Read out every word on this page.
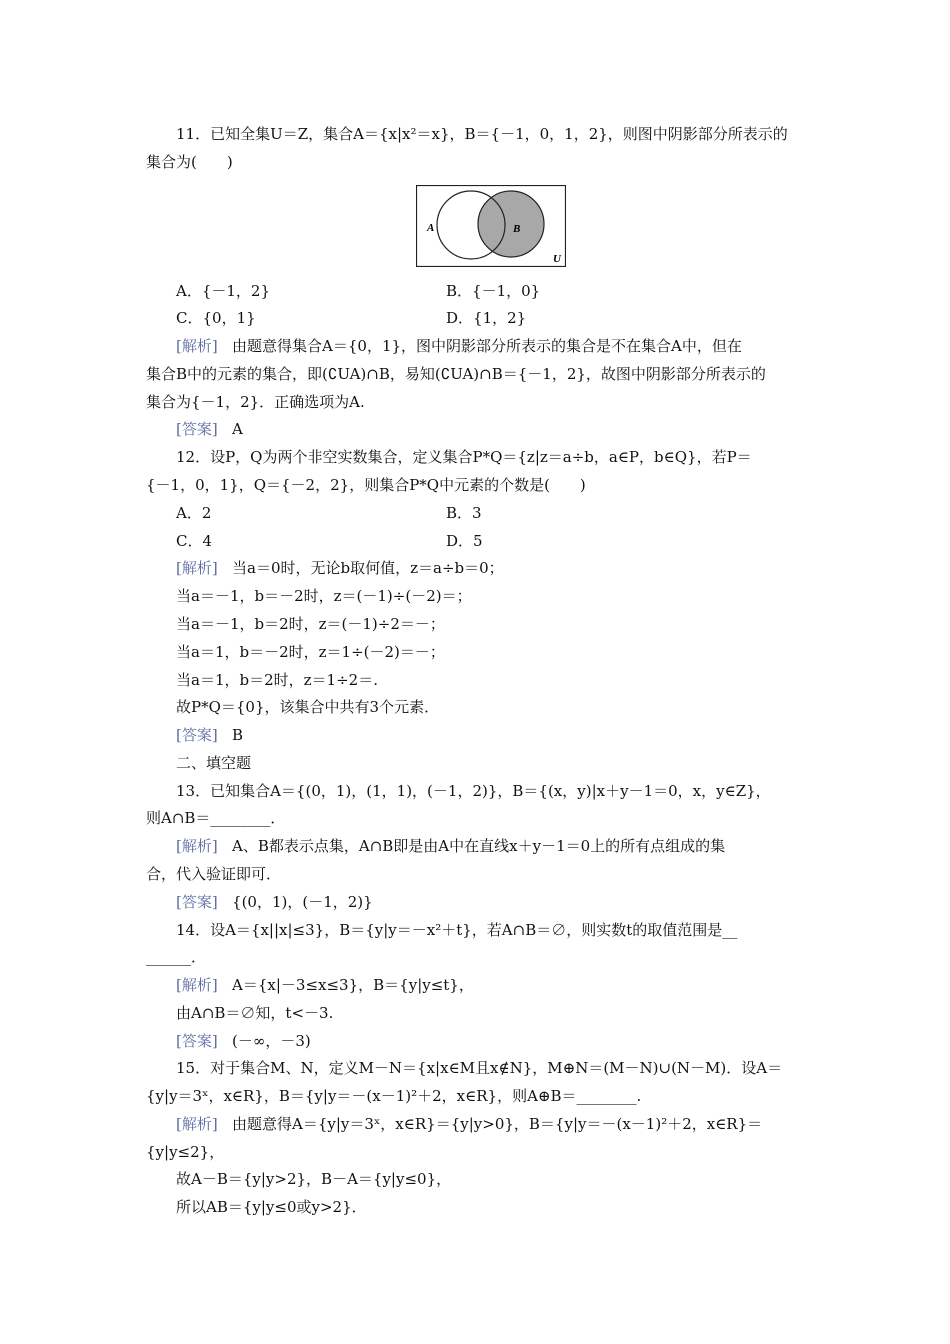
11．已知全集U＝Z，集合A＝{x|x²＝x}，B＝{－1，0，1，2}，则图中阴影部分所表示的
集合为(　　)
A	B
U
A．{－1，2}	B．{－1，0}
C．{0，1}	D．{1，2}
[解析] 由题意得集合A＝{0，1}，图中阴影部分所表示的集合是不在集合A中，但在
集合B中的元素的集合，即(∁UA)∩B，易知(∁UA)∩B＝{－1，2}，故图中阴影部分所表示的
集合为{－1，2}．正确选项为A.
[答案] A
12．设P，Q为两个非空实数集合，定义集合P*Q＝{z|z＝a÷b，a∈P，b∈Q}，若P＝
{－1，0，1}，Q＝{－2，2}，则集合P*Q中元素的个数是(　　)
A．2	B．3
C．4	D．5
[解析] 当a＝0时，无论b取何值，z＝a÷b＝0；
当a＝－1，b＝－2时，z＝(－1)÷(－2)＝；
当a＝－1，b＝2时，z＝(－1)÷2＝－；
当a＝1，b＝－2时，z＝1÷(－2)＝－；
当a＝1，b＝2时，z＝1÷2＝.
故P*Q＝{0}，该集合中共有3个元素．
[答案] B
二、填空题
13．已知集合A＝{(0，1)，(1，1)，(－1，2)}，B＝{(x，y)|x＋y－1＝0，x，y∈Z}，
则A∩B＝________．
[解析] A、B都表示点集，A∩B即是由A中在直线x＋y－1＝0上的所有点组成的集
合，代入验证即可．
[答案] {(0，1)，(－1，2)}
14．设A＝{x||x|≤3}，B＝{y|y＝－x²＋t}，若A∩B＝∅，则实数t的取值范围是__
______．
[解析] A＝{x|－3≤x≤3}，B＝{y|y≤t}，
由A∩B＝∅知，t<－3.
[答案] (－∞，－3)
15．对于集合M、N，定义M－N＝{x|x∈M且x∉N}，M⊕N＝(M－N)∪(N－M)．设A＝
{y|y＝3ˣ，x∈R}，B＝{y|y＝－(x－1)²＋2，x∈R}，则A⊕B＝________.
[解析] 由题意得A＝{y|y＝3ˣ，x∈R}＝{y|y>0}，B＝{y|y＝－(x－1)²＋2，x∈R}＝
{y|y≤2}，
故A－B＝{y|y>2}，B－A＝{y|y≤0}，
所以AB＝{y|y≤0或y>2}．
